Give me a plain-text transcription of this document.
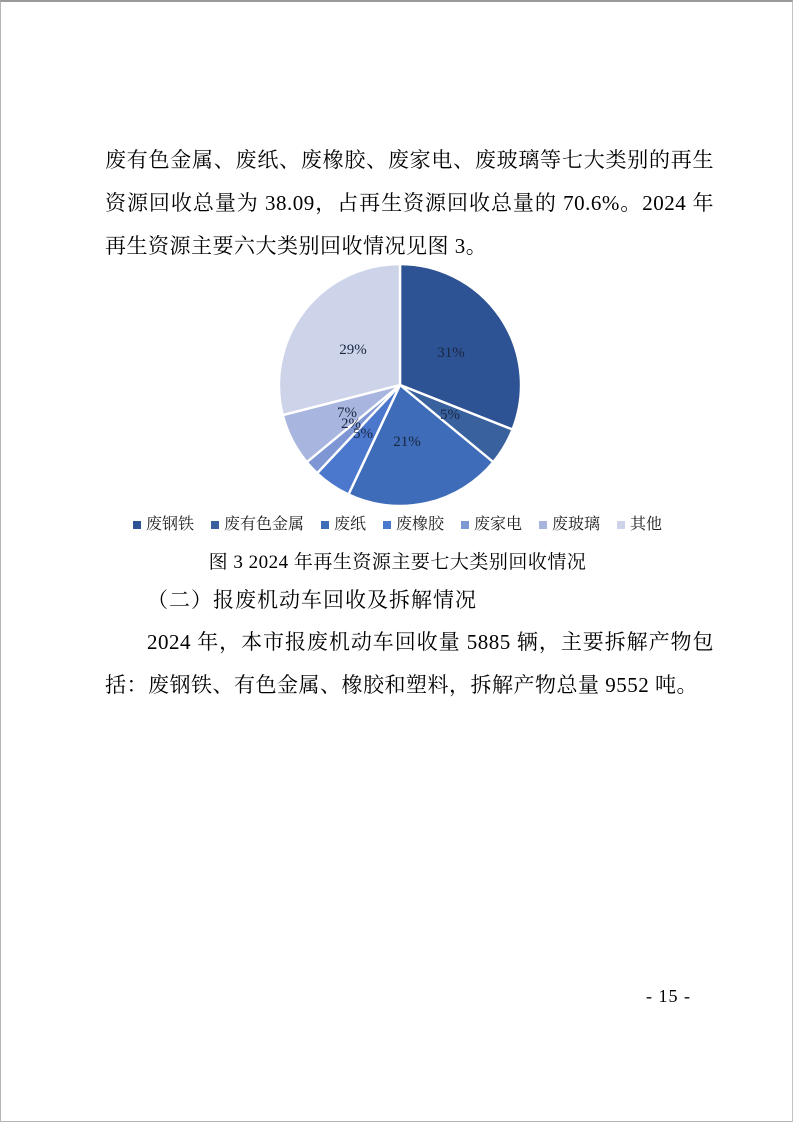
废有色金属、废纸、废橡胶、废家电、废玻璃等七大类别的再生
资源回收总量为 38.09，占再生资源回收总量的 70.6%。2024 年
再生资源主要六大类别回收情况见图 3。
31%
5%
21%
5%
2%
7%
29%
废钢铁 废有色金属 废纸 废橡胶 废家电 废玻璃 其他
图 3 2024 年再生资源主要七大类别回收情况
（二）报废机动车回收及拆解情况
2024 年，本市报废机动车回收量 5885 辆，主要拆解产物包
括：废钢铁、有色金属、橡胶和塑料，拆解产物总量 9552 吨。
- 15 -
